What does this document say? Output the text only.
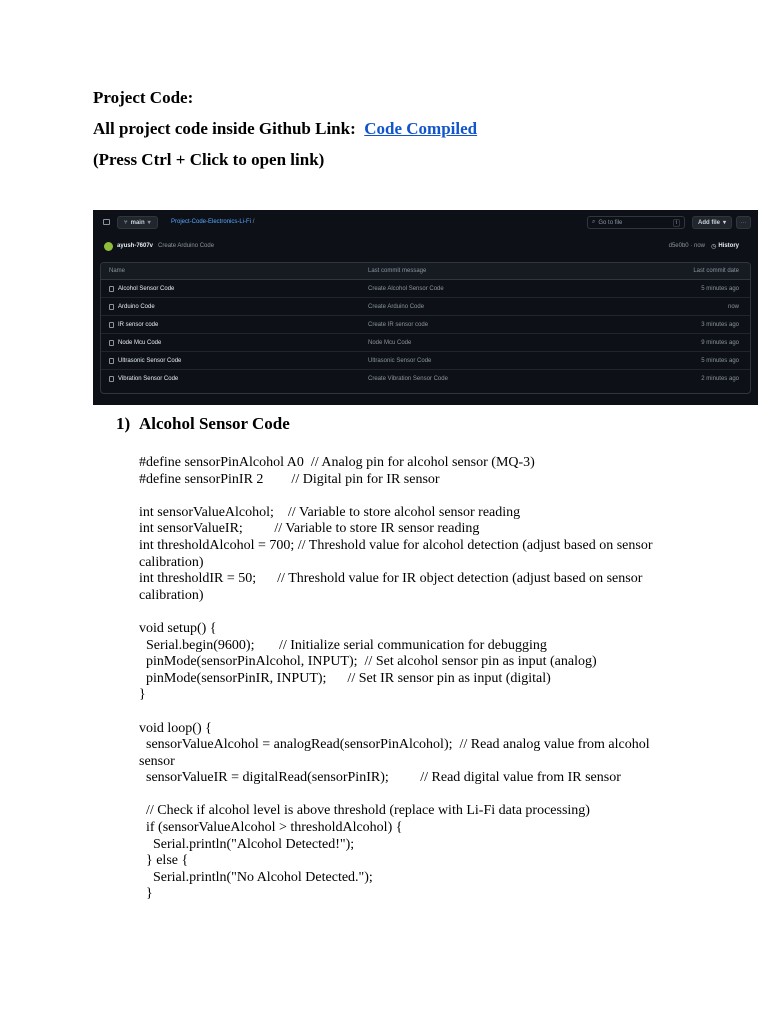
Project Code:
All project code inside Github Link: Code Compiled
(Press Ctrl + Click to open link)
⑂ main ▾	Project-Code-Electronics-Li-Fi /	⌕ Go to file	t	Add file ▾ ···
ayush-7607v Create Arduino Code	d5e0b0 · now ◷ History
Name	Last commit message	Last commit date
Alcohol Sensor Code	Create Alcohol Sensor Code	5 minutes ago
Arduino Code	Create Arduino Code	now
IR sensor code	Create IR sensor code	3 minutes ago
Node Mcu Code	Node Mcu Code	9 minutes ago
Ultrasonic Sensor Code	Ultrasonic Sensor Code	5 minutes ago
Vibration Sensor Code	Create Vibration Sensor Code	2 minutes ago
1) Alcohol Sensor Code
#define sensorPinAlcohol A0  // Analog pin for alcohol sensor (MQ-3)
#define sensorPinIR 2        // Digital pin for IR sensor
int sensorValueAlcohol;    // Variable to store alcohol sensor reading
int sensorValueIR;         // Variable to store IR sensor reading
int thresholdAlcohol = 700; // Threshold value for alcohol detection (adjust based on sensor calibration)
int thresholdIR = 50;      // Threshold value for IR object detection (adjust based on sensor calibration)
void setup() {
Serial.begin(9600);       // Initialize serial communication for debugging
pinMode(sensorPinAlcohol, INPUT);  // Set alcohol sensor pin as input (analog)
pinMode(sensorPinIR, INPUT);      // Set IR sensor pin as input (digital)
}
void loop() {
sensorValueAlcohol = analogRead(sensorPinAlcohol);  // Read analog value from alcohol sensor
sensorValueIR = digitalRead(sensorPinIR);         // Read digital value from IR sensor
// Check if alcohol level is above threshold (replace with Li-Fi data processing)
if (sensorValueAlcohol > thresholdAlcohol) {
Serial.println("Alcohol Detected!");
} else {
Serial.println("No Alcohol Detected.");
}
